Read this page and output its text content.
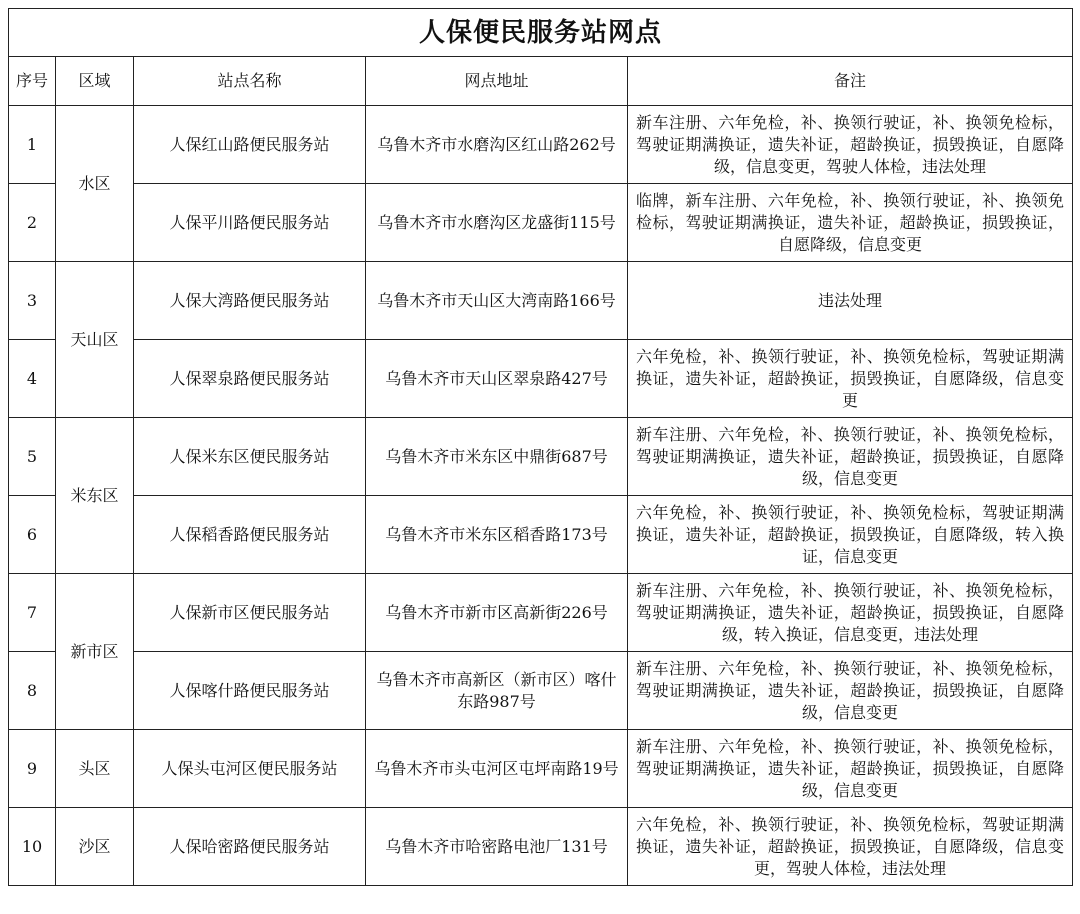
人保便民服务站网点				
序号	区域	站点名称	网点地址	备注
1	水区	人保红山路便民服务站	乌鲁木齐市水磨沟区红山路262号	新车注册、六年免检，补、换领行驶证，补、换领免检标，驾驶证期满换证，遗失补证，超龄换证，损毁换证，自愿降级，信息变更，驾驶人体检，违法处理
2		人保平川路便民服务站	乌鲁木齐市水磨沟区龙盛街115号	临牌，新车注册、六年免检，补、换领行驶证，补、换领免检标，驾驶证期满换证，遗失补证，超龄换证，损毁换证，自愿降级，信息变更
3	天山区	人保大湾路便民服务站	乌鲁木齐市天山区大湾南路166号	违法处理
4		人保翠泉路便民服务站	乌鲁木齐市天山区翠泉路427号	六年免检，补、换领行驶证，补、换领免检标，驾驶证期满换证，遗失补证，超龄换证，损毁换证，自愿降级，信息变更
5	米东区	人保米东区便民服务站	乌鲁木齐市米东区中鼎街687号	新车注册、六年免检，补、换领行驶证，补、换领免检标，驾驶证期满换证，遗失补证，超龄换证，损毁换证，自愿降级，信息变更
6		人保稻香路便民服务站	乌鲁木齐市米东区稻香路173号	六年免检，补、换领行驶证，补、换领免检标，驾驶证期满换证，遗失补证，超龄换证，损毁换证，自愿降级，转入换证，信息变更
7	新市区	人保新市区便民服务站	乌鲁木齐市新市区高新街226号	新车注册、六年免检，补、换领行驶证，补、换领免检标，驾驶证期满换证，遗失补证，超龄换证，损毁换证，自愿降级，转入换证，信息变更，违法处理
8		人保喀什路便民服务站	乌鲁木齐市高新区（新市区）喀什东路987号	新车注册、六年免检，补、换领行驶证，补、换领免检标，驾驶证期满换证，遗失补证，超龄换证，损毁换证，自愿降级，信息变更
9	头区	人保头屯河区便民服务站	乌鲁木齐市头屯河区屯坪南路19号	新车注册、六年免检，补、换领行驶证，补、换领免检标，驾驶证期满换证，遗失补证，超龄换证，损毁换证，自愿降级，信息变更
10	沙区	人保哈密路便民服务站	乌鲁木齐市哈密路电池厂131号	六年免检，补、换领行驶证，补、换领免检标，驾驶证期满换证，遗失补证，超龄换证，损毁换证，自愿降级，信息变更，驾驶人体检，违法处理
